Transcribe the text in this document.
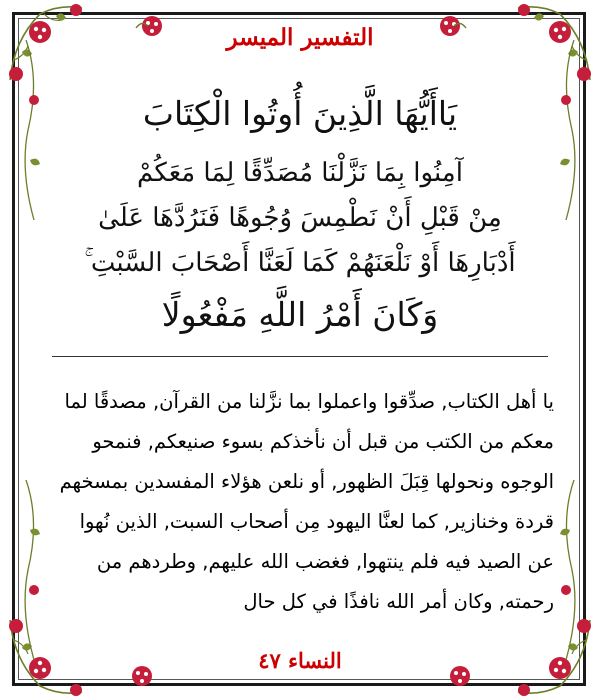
التفسير الميسر
يَاأَيُّهَا الَّذِينَ أُوتُوا الْكِتَابَ
آمِنُوا بِمَا نَزَّلْنَا مُصَدِّقًا لِمَا مَعَكُمْ
مِنْ قَبْلِ أَنْ نَطْمِسَ وُجُوهًا فَنَرُدَّهَا عَلَىٰ
أَدْبَارِهَا أَوْ نَلْعَنَهُمْ كَمَا لَعَنَّا أَصْحَابَ السَّبْتِ ۚ
وَكَانَ أَمْرُ اللَّهِ مَفْعُولًا
يا أهل الكتاب, صدِّقوا واعملوا بما نزَّلنا من القرآن, مصدقًا لما
معكم من الكتب من قبل أن نأخذكم بسوء صنيعكم, فنمحو
الوجوه ونحولها قِبَلَ الظهور, أو نلعن هؤلاء المفسدين بمسخهم
قردة وخنازير, كما لعنَّا اليهود مِن أصحاب السبت, الذين نُهوا
عن الصيد فيه فلم ينتهوا, فغضب الله عليهم, وطردهم من
رحمته, وكان أمر الله نافذًا في كل حال
النساء ٤٧
